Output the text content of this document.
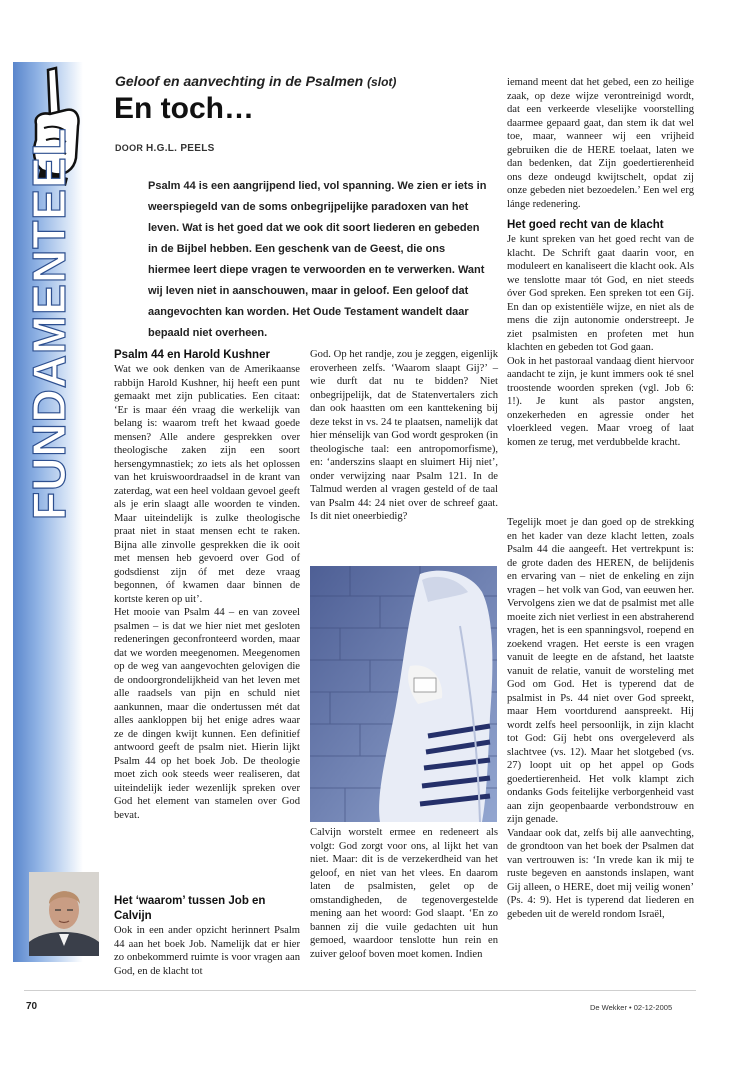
FUNDAMENTEEL
Geloof en aanvechting in de Psalmen (slot)
En toch…
DOOR H.G.L. PEELS
Psalm 44 is een aangrijpend lied, vol spanning. We zien er iets in weerspiegeld van de soms onbegrijpelijke paradoxen van het leven. Wat is het goed dat we ook dit soort liederen en gebeden in de Bijbel hebben. Een geschenk van de Geest, die ons hiermee leert diepe vragen te verwoorden en te verwerken. Want wij leven niet in aanschouwen, maar in geloof. Een geloof dat aangevochten kan worden. Het Oude Testament wandelt daar bepaald niet overheen.
Psalm 44 en Harold Kushner

Wat we ook denken van de Amerikaanse rabbijn Harold Kushner, hij heeft een punt gemaakt met zijn publicaties. Een citaat: ‘Er is maar één vraag die werkelijk van belang is: waarom treft het kwaad goede mensen? Alle andere gesprekken over theologische zaken zijn een soort hersengymnastiek; zo iets als het oplossen van het kruiswoordraadsel in de krant van zaterdag, wat een heel voldaan gevoel geeft als je erin slaagt alle woorden te vinden. Maar uiteindelijk is zulke theologische praat niet in staat mensen echt te raken. Bijna alle zinvolle gesprekken die ik ooit met mensen heb gevoerd over God of godsdienst zijn óf met deze vraag begonnen, óf kwamen daar binnen de kortste keren op uit’.

Het mooie van Psalm 44 – en van zoveel psalmen – is dat we hier niet met gesloten redeneringen geconfronteerd worden, maar dat we worden meegenomen. Meegenomen op de weg van aangevochten gelovigen die de ondoorgrondelijkheid van het leven met alle raadsels van pijn en schuld niet aankunnen, maar die ondertussen mét dat alles aankloppen bij het enige adres waar ze de dingen kwijt kunnen. Een definitief antwoord geeft de psalm niet. Hierin lijkt Psalm 44 op het boek Job. De theologie moet zich ook steeds weer realiseren, dat uiteindelijk ieder wezenlijk spreken over God het element van stamelen over God bevat.

Het ‘waarom’ tussen Job en Calvijn

Ook in een ander opzicht herinnert Psalm 44 aan het boek Job. Namelijk dat er hier zo onbekommerd ruimte is voor vragen aan God, en de klacht tot

God. Op het randje, zou je zeggen, eigenlijk eroverheen zelfs. ‘Waarom slaapt Gij?’ – wie durft dat nu te bidden? Niet onbegrijpelijk, dat de Statenvertalers zich dan ook haastten om een kanttekening bij deze tekst in vs. 24 te plaatsen, namelijk dat hier ménselijk van God wordt gesproken (in theologische taal: een antropomorfisme), en: ‘anderszins slaapt en sluimert Hij niet’, onder verwijzing naar Psalm 121. In de Talmud werden al vragen gesteld of de taal van Psalm 44: 24 niet over de schreef gaat. Is dit niet oneerbiedig?

Calvijn worstelt ermee en redeneert als volgt: God zorgt voor ons, al lijkt het van niet. Maar: dit is de verzekerdheid van het geloof, en niet van het vlees. En daarom laten de psalmisten, gelet op de omstandigheden, de tegenovergestelde mening aan het woord: God slaapt. ‘En zo bannen zij die vuile gedachten uit hun gemoed, waardoor tenslotte hun rein en zuiver geloof boven moet komen. Indien

iemand meent dat het gebed, een zo heilige zaak, op deze wijze verontreinigd wordt, dat een verkeerde vleselijke voorstelling daarmee gepaard gaat, dan stem ik dat wel toe, maar, wanneer wij een vrijheid gebruiken die de HERE toelaat, laten we dan bedenken, dat Zijn goedertierenheid ons deze ondeugd kwijtschelt, opdat zij onze gebeden niet bezoedelen.’ Een wel erg lánge redenering.

Het goed recht van de klacht

Je kunt spreken van het goed recht van de klacht. De Schrift gaat daarin voor, en moduleert en kanaliseert die klacht ook. Als we tenslotte maar tót God, en niet steeds óver God spreken. Een spreken tot een Gíj. En dan op existentiële wijze, en niet als de mens die zijn autonomie onderstreept. Je ziet psalmisten en profeten met hun klachten en gebeden tot God gaan.

Ook in het pastoraal vandaag dient hiervoor aandacht te zijn, je kunt immers ook té snel troostende woorden spreken (vgl. Job 6: 1!). Je kunt als pastor angsten, onzekerheden en agressie onder het vloerkleed vegen. Maar vroeg of laat komen ze terug, met verdubbelde kracht.

Tegelijk moet je dan goed op de strekking en het kader van deze klacht letten, zoals Psalm 44 die aangeeft. Het vertrekpunt is: de grote daden des HEREN, de belijdenis en ervaring van – niet de enkeling en zijn vragen – het volk van God, van eeuwen her. Vervolgens zien we dat de psalmist met alle moeite zich niet verliest in een abstraherend vragen, het is een spanningsvol, roepend en zoekend vragen. Het eerste is een vragen vanuit de leegte en de afstand, het laatste vanuit de relatie, vanuit de worsteling met God om God. Het is typerend dat de psalmist in Ps. 44 niet over God spreekt, maar Hem voortdurend aanspreekt. Hij wordt zelfs heel persoonlijk, in zijn klacht tot God: Gíj hebt ons overgeleverd als slachtvee (vs. 12). Maar het slotgebed (vs. 27) loopt uit op het appel op Gods goedertierenheid. Het volk klampt zich ondanks Gods feitelijke verborgenheid vast aan zijn geopenbaarde verbondstrouw en zijn genade.

Vandaar ook dat, zelfs bij alle aanvechting, de grondtoon van het boek der Psalmen dat van vertrouwen is: ‘In vrede kan ik mij te ruste begeven en aanstonds inslapen, want Gij alleen, o HERE, doet mij veilig wonen’ (Ps. 4: 9). Het is typerend dat liederen en gebeden uit de wereld rondom Israël,

70	De Wekker • 02-12-2005
